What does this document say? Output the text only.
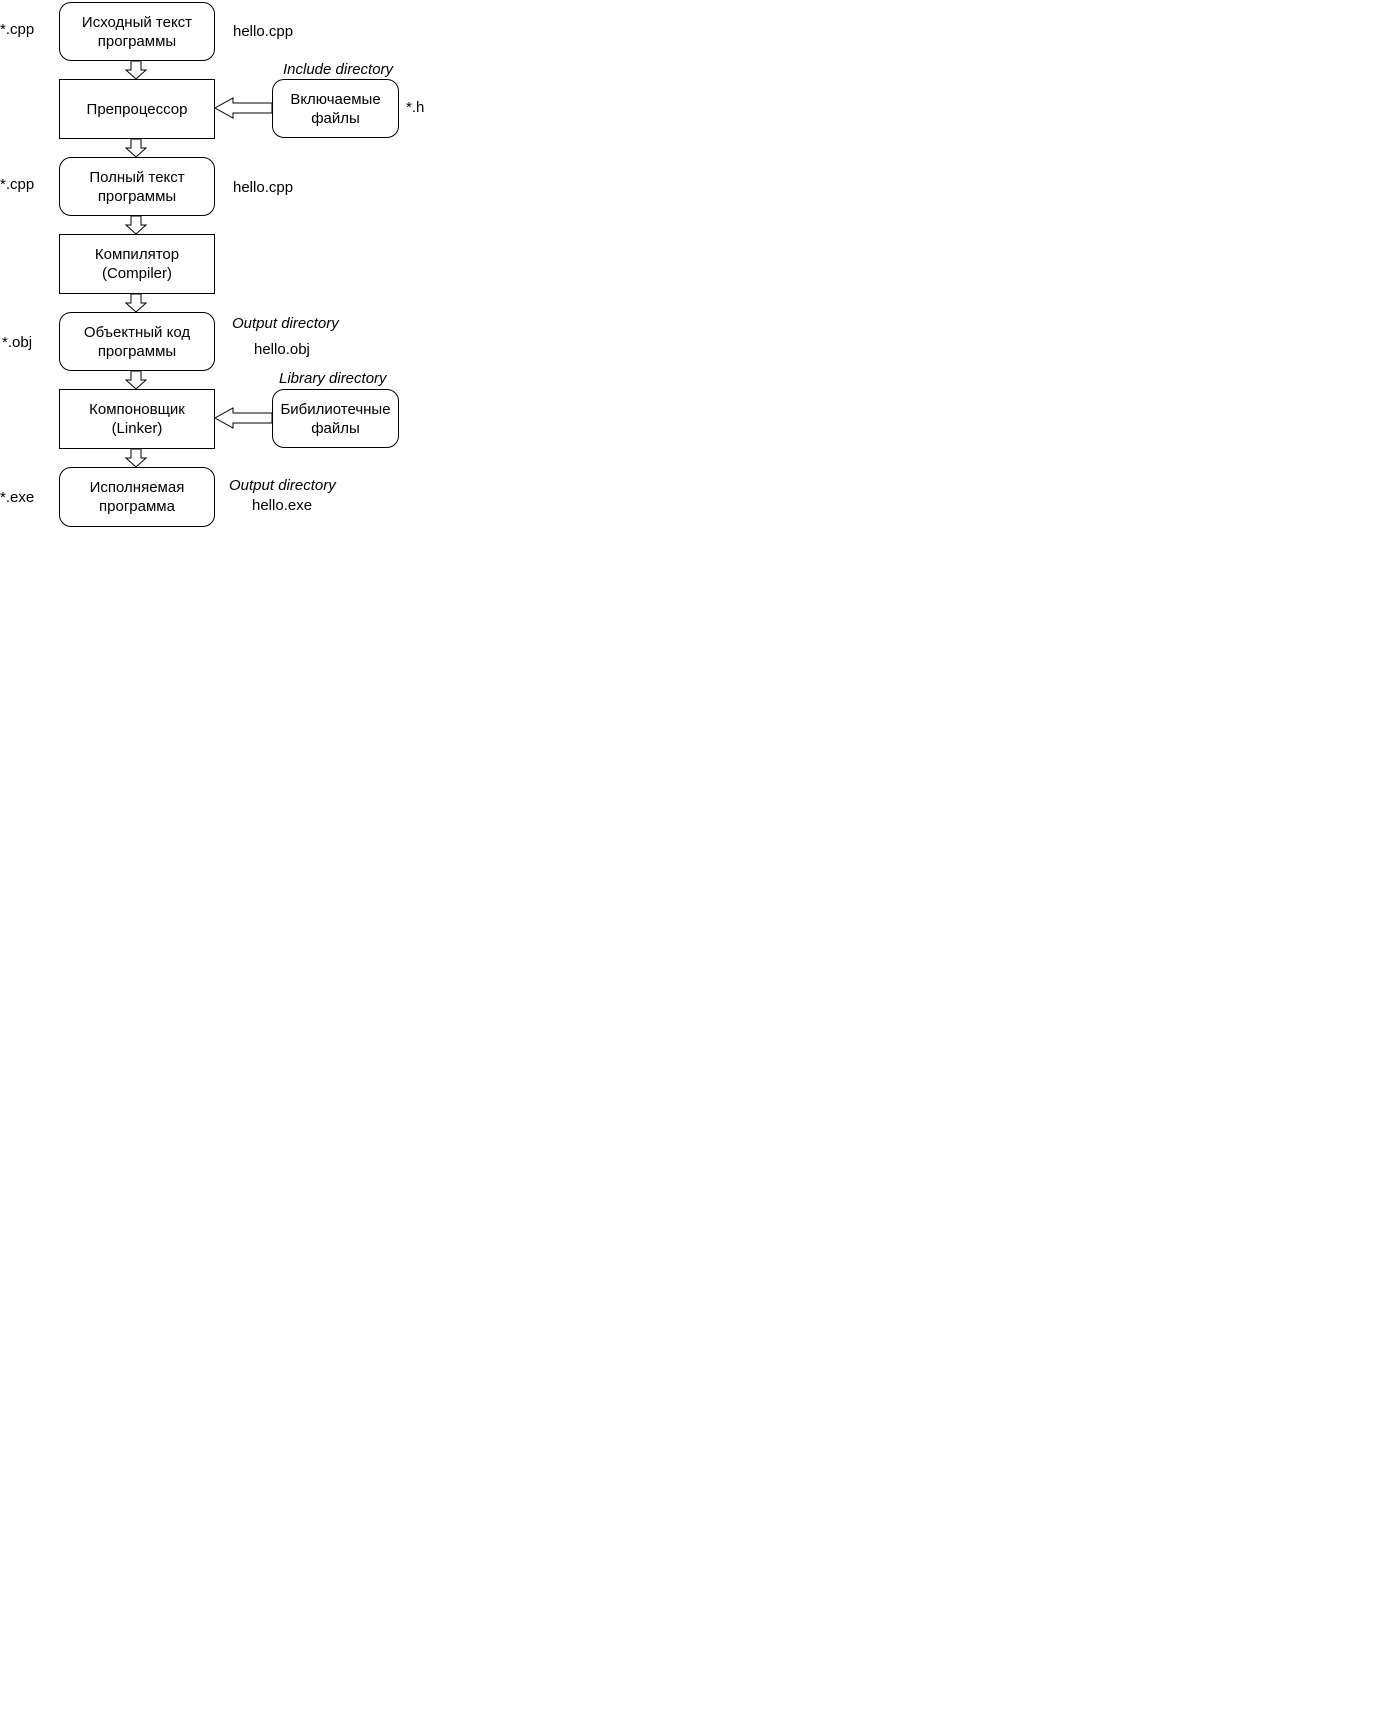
Исходный текст
программы
Препроцессор
Полный текст
программы
Компилятор
(Compiler)
Объектный код
программы
Компоновщик
(Linker)
Исполняемая
программа
Включаемые
файлы
Бибилиотечные
файлы
*.cpp	hello.cpp
Include directory
*.h
*.cpp	hello.cpp
*.obj
Output directory
hello.obj
Library directory
*.exe
Output directory
hello.exe
